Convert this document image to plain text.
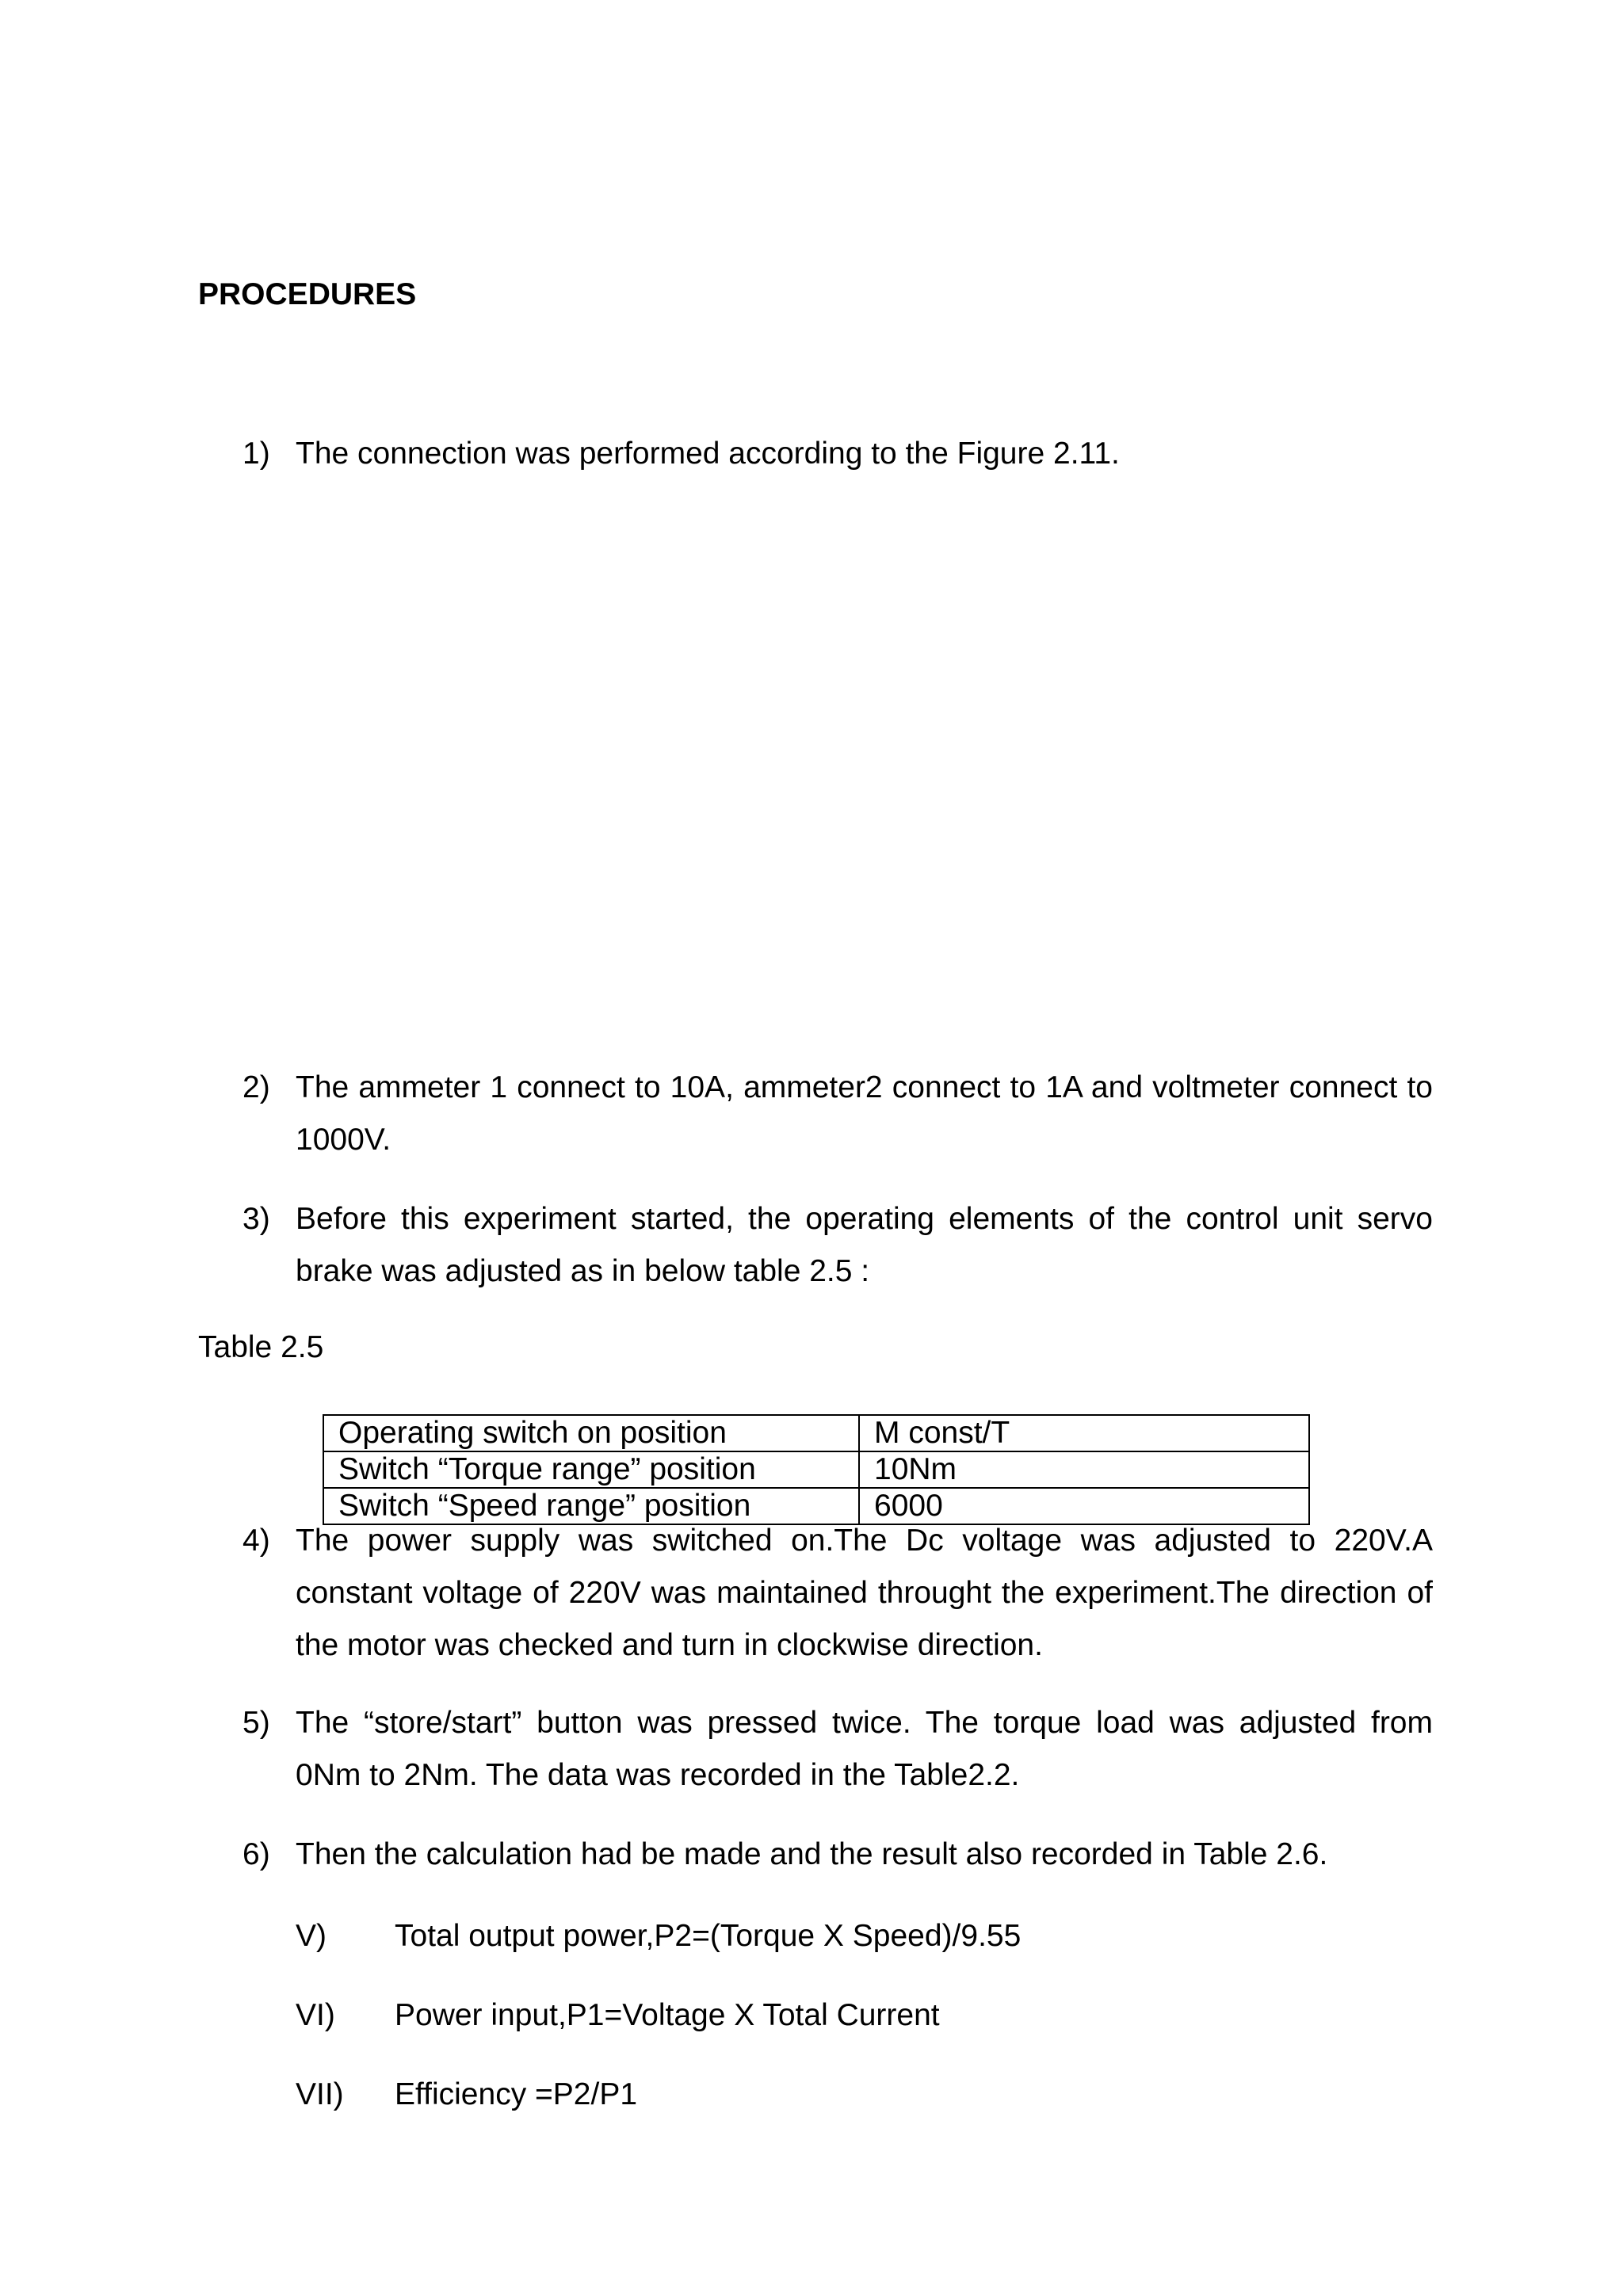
PROCEDURES
1) The connection was performed according to the Figure 2.11.
2) The ammeter 1 connect to 10A, ammeter2 connect to 1A and voltmeter connect to 1000V.
3) Before this experiment started, the operating elements of the control unit servo brake was adjusted as in below table 2.5 :
Table 2.5
Operating switch on position	M const/T
Switch “Torque range” position	10Nm
Switch “Speed range” position	6000
4) The power supply was switched on.The Dc voltage was adjusted to 220V.A constant voltage of 220V was maintained throught the experiment.The direction of the motor was checked and turn in clockwise direction.
5) The “store/start” button was pressed twice. The torque load was adjusted from 0Nm to 2Nm. The data was recorded in the Table2.2.
6) Then the calculation had be made and the result also recorded in Table 2.6.
V) Total output power,P2=(Torque X Speed)/9.55
VI) Power input,P1=Voltage X Total Current
VII) Efficiency =P2/P1
